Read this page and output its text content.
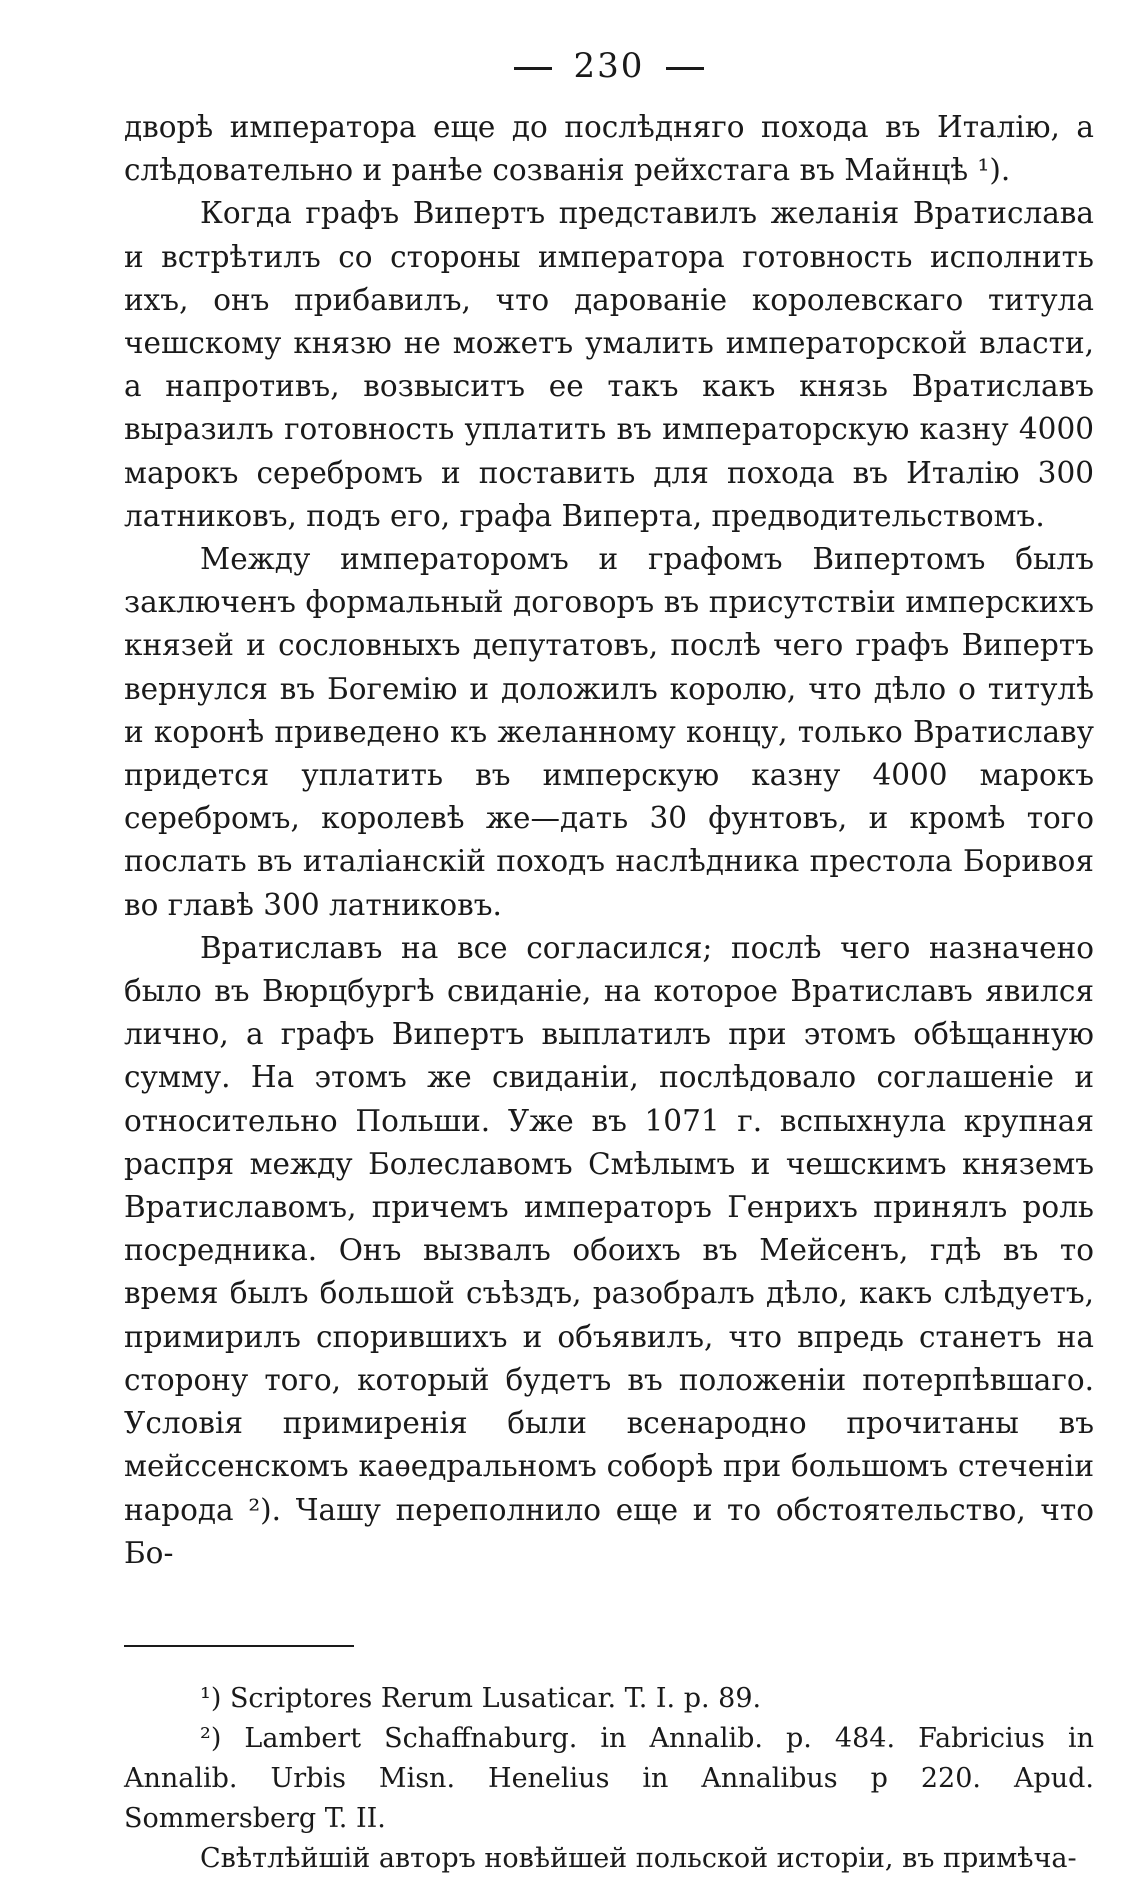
230

дворѣ императора еще до послѣдняго похода въ Италію, а слѣдовательно и ранѣе созванія рейхстага въ Майнцѣ ¹).

Когда графъ Випертъ представилъ желанія Вратислава и встрѣтилъ со стороны императора готовность исполнить ихъ, онъ прибавилъ, что дарованіе королевскаго титула чешскому князю не можетъ умалить императорской власти, а напротивъ, возвыситъ ее такъ какъ князь Вратиславъ выразилъ готовность уплатить въ императорскую казну 4000 марокъ серебромъ и поставить для похода въ Италію 300 латниковъ, подъ его, графа Виперта, предводительствомъ.

Между императоромъ и графомъ Випертомъ былъ заключенъ формальный договоръ въ присутствіи имперскихъ князей и сословныхъ депутатовъ, послѣ чего графъ Випертъ вернулся въ Богемію и доложилъ королю, что дѣло о титулѣ и коронѣ приведено къ желанному концу, только Вратиславу придется уплатить въ имперскую казну 4000 марокъ серебромъ, королевѣ же—дать 30 фунтовъ, и кромѣ того послать въ италіанскій походъ наслѣдника престола Боривоя во главѣ 300 латниковъ.

Вратиславъ на все согласился; послѣ чего назначено было въ Вюрцбургѣ свиданіе, на которое Вратиславъ явился лично, а графъ Випертъ выплатилъ при этомъ обѣщанную сумму. На этомъ же свиданіи, послѣдовало соглашеніе и относительно Польши. Уже въ 1071 г. вспыхнула крупная распря между Болеславомъ Смѣлымъ и чешскимъ княземъ Вратиславомъ, причемъ императоръ Генрихъ принялъ роль посредника. Онъ вызвалъ обоихъ въ Мейсенъ, гдѣ въ то время былъ большой съѣздъ, разобралъ дѣло, какъ слѣдуетъ, примирилъ спорившихъ и объявилъ, что впредь станетъ на сторону того, который будетъ въ положеніи потерпѣвшаго. Условія примиренія были всенародно прочитаны въ мейссенскомъ каѳедральномъ соборѣ при большомъ стеченіи народа ²). Чашу переполнило еще и то обстоятельство, что Бо-

¹) Scriptores Rerum Lusaticar. T. I. p. 89.

²) Lambert Schaffnaburg. in Annalib. p. 484. Fabricius in Annalib. Urbis Misn. Henelius in Annalibus p 220. Apud. Sommersberg T. II.

Свѣтлѣйшій авторъ новѣйшей польской исторіи, въ примѣча-
